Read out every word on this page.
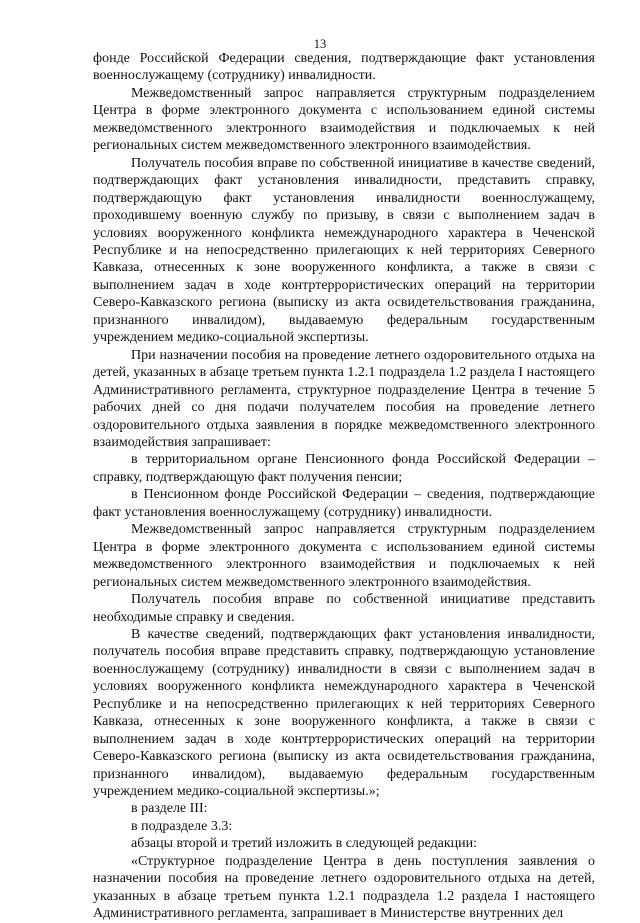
13

фонде Российской Федерации сведения, подтверждающие факт установления военнослужащему (сотруднику) инвалидности.

Межведомственный запрос направляется структурным подразделением Центра в форме электронного документа с использованием единой системы межведомственного электронного взаимодействия и подключаемых к ней региональных систем межведомственного электронного взаимодействия.

Получатель пособия вправе по собственной инициативе в качестве сведений, подтверждающих факт установления инвалидности, представить справку, подтверждающую факт установления инвалидности военнослужащему, проходившему военную службу по призыву, в связи с выполнением задач в условиях вооруженного конфликта немеждународного характера в Чеченской Республике и на непосредственно прилегающих к ней территориях Северного Кавказа, отнесенных к зоне вооруженного конфликта, а также в связи с выполнением задач в ходе контртеррористических операций на территории Северо-Кавказского региона (выписку из акта освидетельствования гражданина, признанного инвалидом), выдаваемую федеральным государственным учреждением медико-социальной экспертизы.

При назначении пособия на проведение летнего оздоровительного отдыха на детей, указанных в абзаце третьем пункта 1.2.1 подраздела 1.2 раздела I настоящего Административного регламента, структурное подразделение Центра в течение 5 рабочих дней со дня подачи получателем пособия на проведение летнего оздоровительного отдыха заявления в порядке межведомственного электронного взаимодействия запрашивает:

в территориальном органе Пенсионного фонда Российской Федерации – справку, подтверждающую факт получения пенсии;

в Пенсионном фонде Российской Федерации – сведения, подтверждающие факт установления военнослужащему (сотруднику) инвалидности.

Межведомственный запрос направляется структурным подразделением Центра в форме электронного документа с использованием единой системы межведомственного электронного взаимодействия и подключаемых к ней региональных систем межведомственного электронного взаимодействия.

Получатель пособия вправе по собственной инициативе представить необходимые справку и сведения.

В качестве сведений, подтверждающих факт установления инвалидности, получатель пособия вправе представить справку, подтверждающую установление военнослужащему (сотруднику) инвалидности в связи с выполнением задач в условиях вооруженного конфликта немеждународного характера в Чеченской Республике и на непосредственно прилегающих к ней территориях Северного Кавказа, отнесенных к зоне вооруженного конфликта, а также в связи с выполнением задач в ходе контртеррористических операций на территории Северо-Кавказского региона (выписку из акта освидетельствования гражданина, признанного инвалидом), выдаваемую федеральным государственным учреждением медико-социальной экспертизы.»;

в разделе III:

в подразделе 3.3:

абзацы второй и третий изложить в следующей редакции:

«Структурное подразделение Центра в день поступления заявления о назначении пособия на проведение летнего оздоровительного отдыха на детей, указанных в абзаце третьем пункта 1.2.1 подраздела 1.2 раздела I настоящего Административного регламента, запрашивает в Министерстве внутренних дел
